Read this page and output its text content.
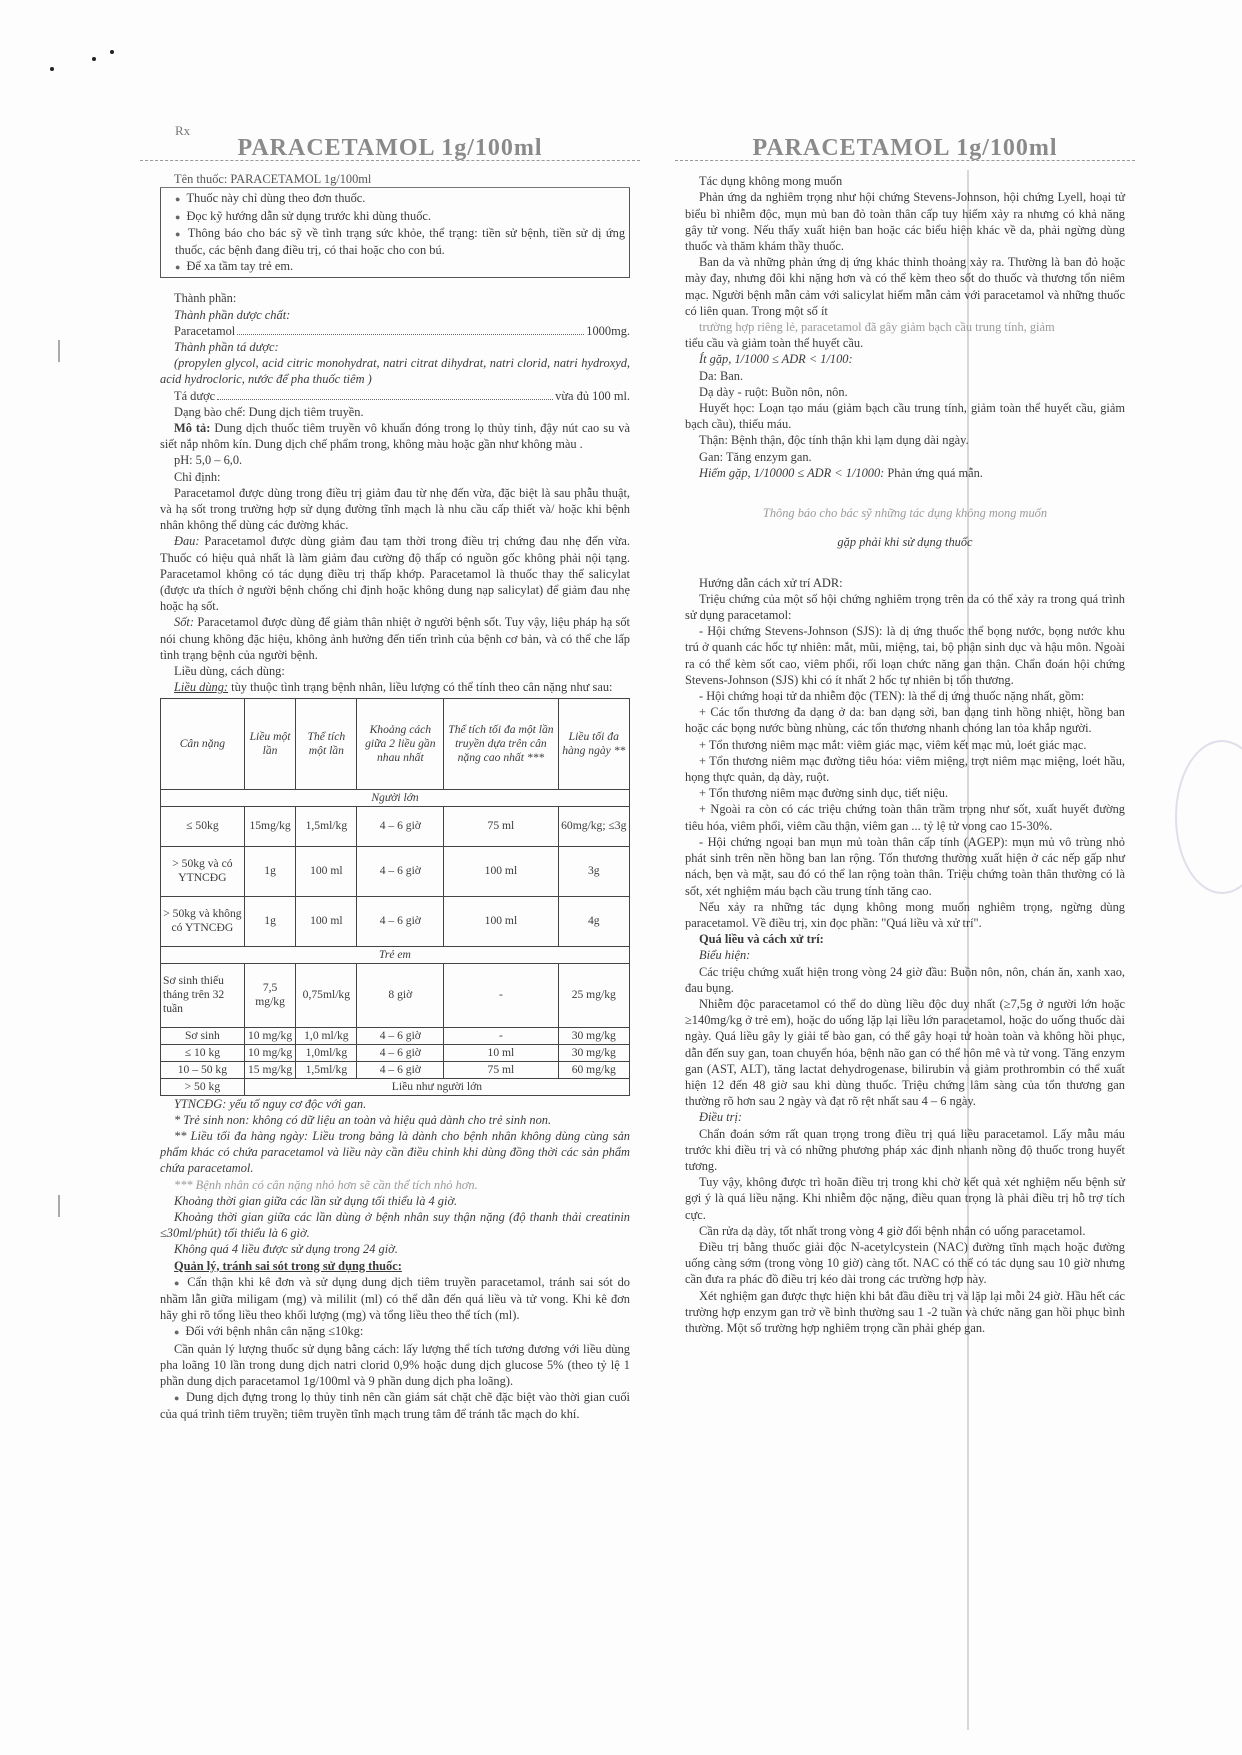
Rx
PARACETAMOL 1g/100ml
Tên thuốc: PARACETAMOL 1g/100ml

● Thuốc này chỉ dùng theo đơn thuốc.

● Đọc kỹ hướng dẫn sử dụng trước khi dùng thuốc.

● Thông báo cho bác sỹ về tình trạng sức khỏe, thể trạng: tiền sử bệnh, tiền sử dị ứng thuốc, các bệnh đang điều trị, có thai hoặc cho con bú.

● Để xa tầm tay trẻ em.

Thành phần:

Thành phần dược chất:

Paracetamol	1000mg.

Thành phần tá dược:

(propylen glycol, acid citric monohydrat, natri citrat dihydrat, natri clorid, natri hydroxyd, acid hydrocloric, nước để pha thuốc tiêm )

Tá dược	vừa đủ 100 ml.

Dạng bào chế: Dung dịch tiêm truyền.

Mô tả: Dung dịch thuốc tiêm truyền vô khuẩn đóng trong lọ thủy tinh, đậy nút cao su và siết nắp nhôm kín. Dung dịch chế phẩm trong, không màu hoặc gần như không màu .

pH: 5,0 – 6,0.

Chỉ định:

Paracetamol được dùng trong điều trị giảm đau từ nhẹ đến vừa, đặc biệt là sau phẫu thuật, và hạ sốt trong trường hợp sử dụng đường tĩnh mạch là nhu cầu cấp thiết và/ hoặc khi bệnh nhân không thể dùng các đường khác.

Đau: Paracetamol được dùng giảm đau tạm thời trong điều trị chứng đau nhẹ đến vừa. Thuốc có hiệu quả nhất là làm giảm đau cường độ thấp có nguồn gốc không phải nội tạng. Paracetamol không có tác dụng điều trị thấp khớp. Paracetamol là thuốc thay thế salicylat (được ưa thích ở người bệnh chống chỉ định hoặc không dung nạp salicylat) để giảm đau nhẹ hoặc hạ sốt.

Sốt: Paracetamol được dùng để giảm thân nhiệt ở người bệnh sốt. Tuy vậy, liệu pháp hạ sốt nói chung không đặc hiệu, không ảnh hưởng đến tiến trình của bệnh cơ bản, và có thể che lấp tình trạng bệnh của người bệnh.

Liều dùng, cách dùng:

Liều dùng: tùy thuộc tình trạng bệnh nhân, liều lượng có thể tính theo cân nặng như sau:

Cân nặng	Liều một lần	Thể tích một lần	Khoảng cách giữa 2 liều gần nhau nhất	Thể tích tối đa một lần truyền dựa trên cân nặng cao nhất ***	Liều tối đa hàng ngày **
Người lớn					
≤ 50kg	15mg/kg	1,5ml/kg	4 – 6 giờ	75 ml	60mg/kg; ≤3g
> 50kg và có YTNCĐG	1g	100 ml	4 – 6 giờ	100 ml	3g
> 50kg và không có YTNCĐG	1g	100 ml	4 – 6 giờ	100 ml	4g
Trẻ em					
Sơ sinh thiếu tháng trên 32 tuần	7,5 mg/kg	0,75ml/kg	8 giờ	-	25 mg/kg
Sơ sinh	10 mg/kg	1,0 ml/kg	4 – 6 giờ	-	30 mg/kg
≤ 10 kg	10 mg/kg	1,0ml/kg	4 – 6 giờ	10 ml	30 mg/kg
10 – 50 kg	15 mg/kg	1,5ml/kg	4 – 6 giờ	75 ml	60 mg/kg
> 50 kg	Liều như người lớn				

YTNCĐG: yếu tố nguy cơ độc với gan.

* Trẻ sinh non: không có dữ liệu an toàn và hiệu quả dành cho trẻ sinh non.

** Liều tối đa hàng ngày: Liều trong bảng là dành cho bệnh nhân không dùng cùng sản phẩm khác có chứa paracetamol và liều này cần điều chỉnh khi dùng đồng thời các sản phẩm chứa paracetamol.

*** Bệnh nhân có cân nặng nhỏ hơn sẽ cần thể tích nhỏ hơn.

Khoảng thời gian giữa các lần sử dụng tối thiểu là 4 giờ.

Khoảng thời gian giữa các lần dùng ở bệnh nhân suy thận nặng (độ thanh thải creatinin ≤30ml/phút) tối thiểu là 6 giờ.

Không quá 4 liều được sử dụng trong 24 giờ.

Quản lý, tránh sai sót trong sử dụng thuốc:

● Cẩn thận khi kê đơn và sử dụng dung dịch tiêm truyền paracetamol, tránh sai sót do nhầm lẫn giữa miligam (mg) và mililit (ml) có thể dẫn đến quá liều và tử vong. Khi kê đơn hãy ghi rõ tổng liều theo khối lượng (mg) và tổng liều theo thể tích (ml).

● Đối với bệnh nhân cân nặng ≤10kg:

Cần quản lý lượng thuốc sử dụng bằng cách: lấy lượng thể tích tương đương với liều dùng pha loãng 10 lần trong dung dịch natri clorid 0,9% hoặc dung dịch glucose 5% (theo tỷ lệ 1 phần dung dịch paracetamol 1g/100ml và 9 phần dung dịch pha loãng).

● Dung dịch đựng trong lọ thủy tinh nên cần giám sát chặt chẽ đặc biệt vào thời gian cuối của quá trình tiêm truyền; tiêm truyền tĩnh mạch trung tâm để tránh tắc mạch do khí.

PARACETAMOL 1g/100ml

Tác dụng không mong muốn

Phản ứng da nghiêm trọng như hội chứng Stevens-Johnson, hội chứng Lyell, hoại tử biểu bì nhiễm độc, mụn mủ ban đỏ toàn thân cấp tuy hiếm xảy ra nhưng có khả năng gây tử vong. Nếu thấy xuất hiện ban hoặc các biểu hiện khác về da, phải ngừng dùng thuốc và thăm khám thầy thuốc.

Ban da và những phản ứng dị ứng khác thỉnh thoảng xảy ra. Thường là ban đỏ hoặc mày đay, nhưng đôi khi nặng hơn và có thể kèm theo sốt do thuốc và thương tổn niêm mạc. Người bệnh mẫn cảm với salicylat hiếm mẫn cảm với paracetamol và những thuốc có liên quan. Trong một số ít

trường hợp riêng lẻ, paracetamol đã gây giảm bạch cầu trung tính, giảm

tiểu cầu và giảm toàn thể huyết cầu.

Ít gặp, 1/1000 ≤ ADR < 1/100:

Da: Ban.

Dạ dày - ruột: Buồn nôn, nôn.

Huyết học: Loạn tạo máu (giảm bạch cầu trung tính, giảm toàn thể huyết cầu, giảm bạch cầu), thiếu máu.

Thận: Bệnh thận, độc tính thận khi lạm dụng dài ngày.

Gan: Tăng enzym gan.

Hiếm gặp, 1/10000 ≤ ADR < 1/1000: Phản ứng quá mẫn.

Thông báo cho bác sỹ những tác dụng không mong muốn

gặp phải khi sử dụng thuốc

Hướng dẫn cách xử trí ADR:

Triệu chứng của một số hội chứng nghiêm trọng trên da có thể xảy ra trong quá trình sử dụng paracetamol:

- Hội chứng Stevens-Johnson (SJS): là dị ứng thuốc thể bọng nước, bọng nước khu trú ở quanh các hốc tự nhiên: mắt, mũi, miệng, tai, bộ phận sinh dục và hậu môn. Ngoài ra có thể kèm sốt cao, viêm phổi, rối loạn chức năng gan thận. Chẩn đoán hội chứng Stevens-Johnson (SJS) khi có ít nhất 2 hốc tự nhiên bị tổn thương.

- Hội chứng hoại tử da nhiễm độc (TEN): là thể dị ứng thuốc nặng nhất, gồm:

+ Các tổn thương đa dạng ở da: ban dạng sởi, ban dạng tinh hồng nhiệt, hồng ban hoặc các bọng nước bùng nhùng, các tổn thương nhanh chóng lan tỏa khắp người.

+ Tổn thương niêm mạc mắt: viêm giác mạc, viêm kết mạc mủ, loét giác mạc.

+ Tổn thương niêm mạc đường tiêu hóa: viêm miệng, trợt niêm mạc miệng, loét hầu, họng thực quản, dạ dày, ruột.

+ Tổn thương niêm mạc đường sinh dục, tiết niệu.

+ Ngoài ra còn có các triệu chứng toàn thân trầm trọng như sốt, xuất huyết đường tiêu hóa, viêm phổi, viêm cầu thận, viêm gan ... tỷ lệ tử vong cao 15-30%.

- Hội chứng ngoại ban mụn mủ toàn thân cấp tính (AGEP): mụn mủ vô trùng nhỏ phát sinh trên nền hồng ban lan rộng. Tổn thương thường xuất hiện ở các nếp gấp như nách, bẹn và mặt, sau đó có thể lan rộng toàn thân. Triệu chứng toàn thân thường có là sốt, xét nghiệm máu bạch cầu trung tính tăng cao.

Nếu xảy ra những tác dụng không mong muốn nghiêm trọng, ngừng dùng paracetamol. Về điều trị, xin đọc phần: "Quá liều và xử trí".

Quá liều và cách xử trí:

Biểu hiện:

Các triệu chứng xuất hiện trong vòng 24 giờ đầu: Buồn nôn, nôn, chán ăn, xanh xao, đau bụng.

Nhiễm độc paracetamol có thể do dùng liều độc duy nhất (≥7,5g ở người lớn hoặc ≥140mg/kg ở trẻ em), hoặc do uống lặp lại liều lớn paracetamol, hoặc do uống thuốc dài ngày. Quá liều gây ly giải tế bào gan, có thể gây hoại tử hoàn toàn và không hồi phục, dẫn đến suy gan, toan chuyển hóa, bệnh não gan có thể hôn mê và tử vong. Tăng enzym gan (AST, ALT), tăng lactat dehydrogenase, bilirubin và giảm prothrombin có thể xuất hiện 12 đến 48 giờ sau khi dùng thuốc. Triệu chứng lâm sàng của tổn thương gan thường rõ hơn sau 2 ngày và đạt rõ rệt nhất sau 4 – 6 ngày.

Điều trị:

Chẩn đoán sớm rất quan trọng trong điều trị quá liều paracetamol. Lấy mẫu máu trước khi điều trị và có những phương pháp xác định nhanh nồng độ thuốc trong huyết tương.

Tuy vậy, không được trì hoãn điều trị trong khi chờ kết quả xét nghiệm nếu bệnh sử gợi ý là quá liều nặng. Khi nhiễm độc nặng, điều quan trọng là phải điều trị hỗ trợ tích cực.

Cần rửa dạ dày, tốt nhất trong vòng 4 giờ đối bệnh nhân có uống paracetamol.

Điều trị bằng thuốc giải độc N-acetylcystein (NAC) đường tĩnh mạch hoặc đường uống càng sớm (trong vòng 10 giờ) càng tốt. NAC có thể có tác dụng sau 10 giờ nhưng cần đưa ra phác đồ điều trị kéo dài trong các trường hợp này.

Xét nghiệm gan được thực hiện khi bắt đầu điều trị và lặp lại mỗi 24 giờ. Hầu hết các trường hợp enzym gan trở về bình thường sau 1 -2 tuần và chức năng gan hồi phục bình thường. Một số trường hợp nghiêm trọng cần phải ghép gan.
